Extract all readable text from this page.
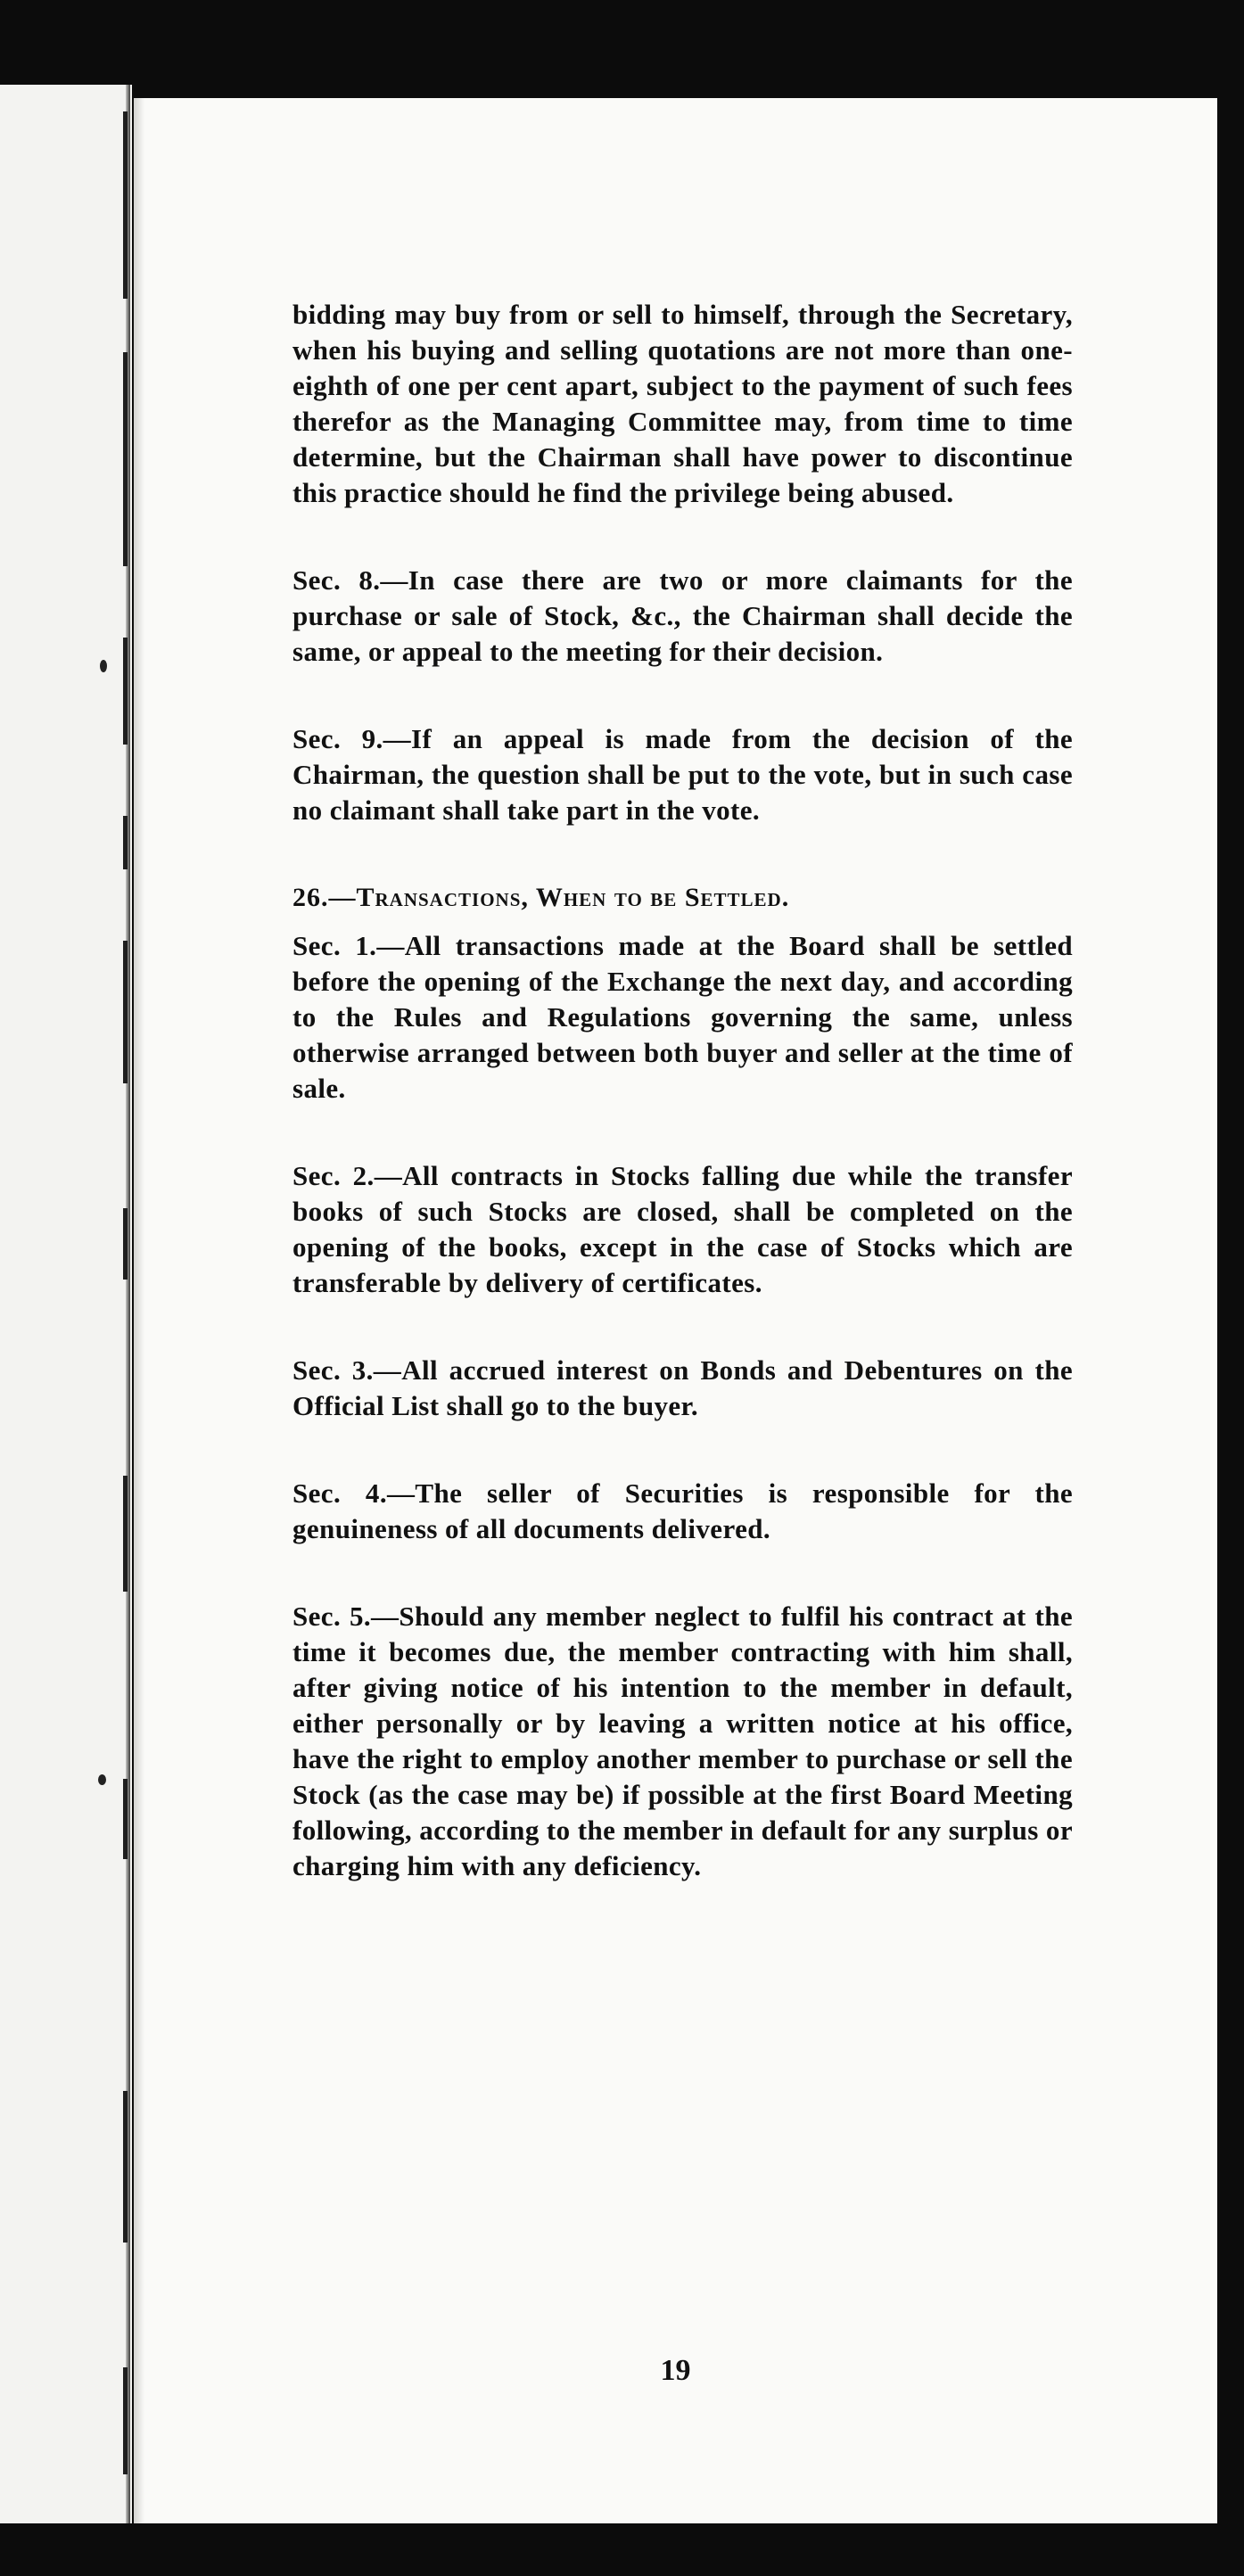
bidding may buy from or sell to himself, through the Secretary, when his buying and selling quotations are not more than one-eighth of one per cent apart, subject to the payment of such fees therefor as the Managing Committee may, from time to time determine, but the Chairman shall have power to discontinue this practice should he find the privilege being abused.

Sec. 8.—In case there are two or more claimants for the purchase or sale of Stock, &c., the Chairman shall decide the same, or appeal to the meeting for their decision.

Sec. 9.—If an appeal is made from the decision of the Chairman, the question shall be put to the vote, but in such case no claimant shall take part in the vote.

26.—Transactions, When to be Settled.

Sec. 1.—All transactions made at the Board shall be settled before the opening of the Exchange the next day, and according to the Rules and Regulations governing the same, unless otherwise arranged between both buyer and seller at the time of sale.

Sec. 2.—All contracts in Stocks falling due while the transfer books of such Stocks are closed, shall be completed on the opening of the books, except in the case of Stocks which are transferable by delivery of certificates.

Sec. 3.—All accrued interest on Bonds and Debentures on the Official List shall go to the buyer.

Sec. 4.—The seller of Securities is responsible for the genuineness of all documents delivered.

Sec. 5.—Should any member neglect to fulfil his contract at the time it becomes due, the member contracting with him shall, after giving notice of his intention to the member in default, either personally or by leaving a written notice at his office, have the right to employ another member to purchase or sell the Stock (as the case may be) if possible at the first Board Meeting following, according to the member in default for any surplus or charging him with any deficiency.

19
